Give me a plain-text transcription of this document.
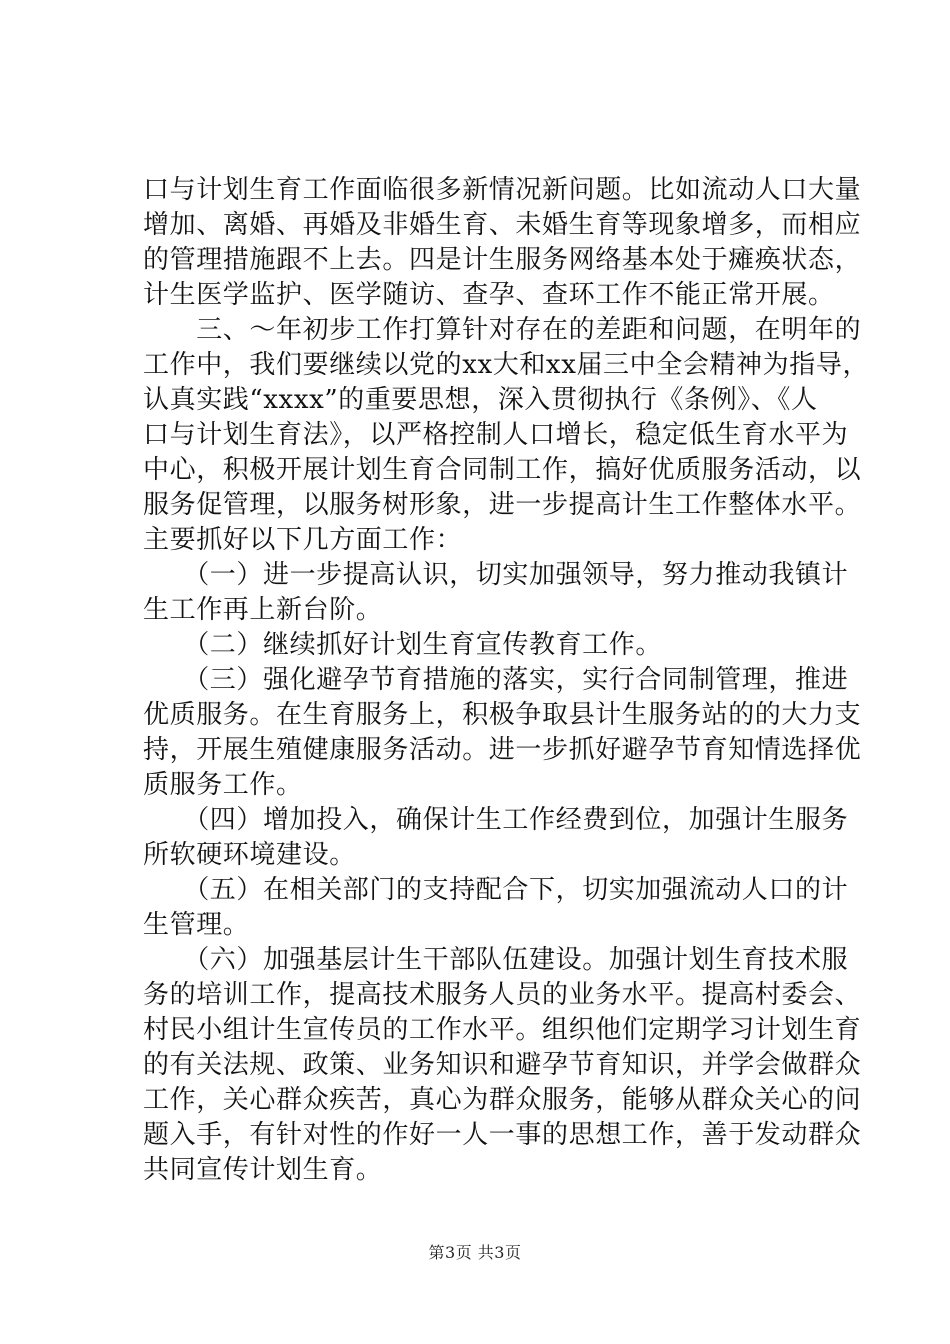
口与计划生育工作面临很多新情况新问题。比如流动人口大量
增加、离婚、再婚及非婚生育、未婚生育等现象增多，而相应
的管理措施跟不上去。四是计生服务网络基本处于瘫痪状态，
计生医学监护、医学随访、查孕、查环工作不能正常开展。
　　三、～年初步工作打算针对存在的差距和问题，在明年的
工作中，我们要继续以党的xx大和xx届三中全会精神为指导，
认真实践“xxxx”的重要思想，深入贯彻执行《条例》、《人
口与计划生育法》，以严格控制人口增长，稳定低生育水平为
中心，积极开展计划生育合同制工作，搞好优质服务活动，以
服务促管理，以服务树形象，进一步提高计生工作整体水平。
主要抓好以下几方面工作：
　　（一）进一步提高认识，切实加强领导，努力推动我镇计
生工作再上新台阶。
　　（二）继续抓好计划生育宣传教育工作。
　　（三）强化避孕节育措施的落实，实行合同制管理，推进
优质服务。在生育服务上，积极争取县计生服务站的的大力支
持，开展生殖健康服务活动。进一步抓好避孕节育知情选择优
质服务工作。
　　（四）增加投入，确保计生工作经费到位，加强计生服务
所软硬环境建设。
　　（五）在相关部门的支持配合下，切实加强流动人口的计
生管理。
　　（六）加强基层计生干部队伍建设。加强计划生育技术服
务的培训工作，提高技术服务人员的业务水平。提高村委会、
村民小组计生宣传员的工作水平。组织他们定期学习计划生育
的有关法规、政策、业务知识和避孕节育知识，并学会做群众
工作，关心群众疾苦，真心为群众服务，能够从群众关心的问
题入手，有针对性的作好一人一事的思想工作，善于发动群众
共同宣传计划生育。
第3页 共3页
